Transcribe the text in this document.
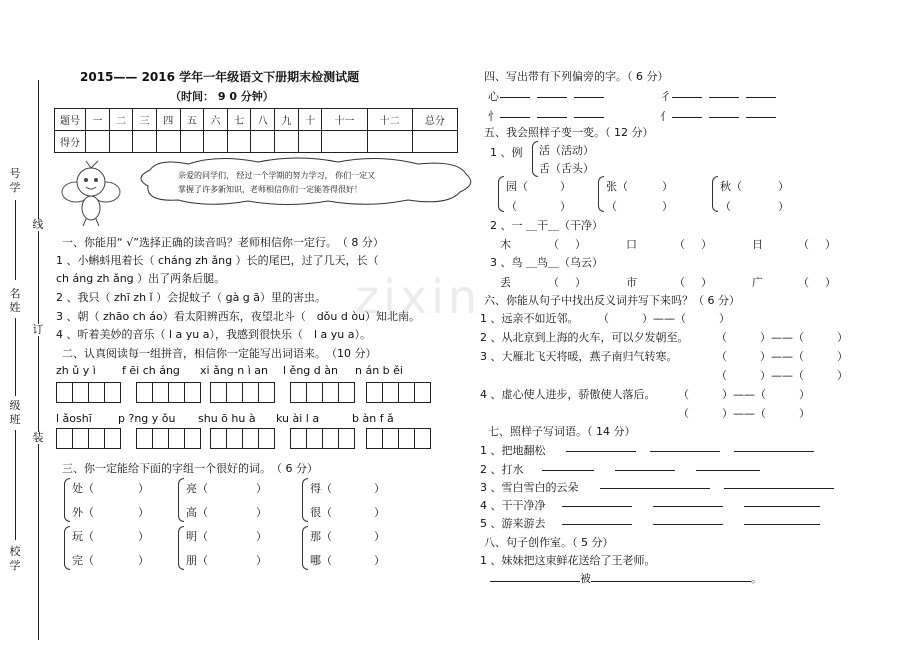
zixin
号
学
线
名
姓
订
级
班
装
校
学
2015—— 2016 学年一年级语文下册期末检测试题
（时间： 9 0 分钟）
题号	一	二	三	四	五	六	七	八	九	十	十一	十二	总分
得分													
亲爱的同学们， 经过一个学期的努力学习， 你们一定又
掌握了许多新知识，老师相信你们一定能答得很好！
一、你能用“ √”选择正确的读音吗？老师相信你一定行。　（ 8 分）
1 、小蝌蚪甩着长（ cháng zh ǎng ）长的尾巴，过了几天，长（
ch áng zh ǎng ）出了两条后腿。
2 、我只（ zhī zh ǐ ）会捉蚊子（ gà g ā）里的害虫。
3 、朝（ zhāo ch áo）看太阳辨西东，夜望北斗（　dǒu d òu）知北南。
4 、听着美妙的音乐（ l a yu a），我感到很快乐（　l a yu a）。
二、认真阅读每一组拼音，相信你一定能写出词语来。　（10 分）
zh ǔ y ì f ēi ch áng xi ǎng n ì an l ěng d àn n án b ěi
l ǎoshī p ?ng y ǒu shu ō hu à ku ài l a	b àn f ǎ
三、你一定能给下面的字组一个很好的词。　（ 6 分）
处（	）
外（	）
亮（	）
高（	）
得（	）
很（	）
玩（	）
完（	）
明（	）
朋（	）
那（	）
哪（	）
四、写出带有下列偏旁的字。（ 6 分）
心
	彳

忄
	亻

五、我会照样子变一变。（ 12 分）
1 、例 活（活动）
舌（舌头）
园（	）
（	）
张（	）
（	）
秋（	）
（	）
2 、一 ＿干＿（干净）
木	（ ）	口	（ ）	日	（ ）
3 、鸟 ＿鸟＿（乌云）
丢	（ ）	市	（ ）	广	（ ）
六、你能从句子中找出反义词并写下来吗？（ 6 分）
1 、远亲不如近邻。 （　　　）——（　　　）
2 、从北京到上海的火车，可以夕发朝至。	（　　　）——（　　　）
3 、大雁北飞天将暖，燕子南归气转寒。	（　　　）——（　　　）
（　　　）——（　　　）
4 、虚心使人进步，骄傲使人落后。 （　　　）——（　　　）
（　　　）——（　　　）
七、照样子写词语。（ 14 分）
1 、把地翻松

2 、打水

3 、雪白雪白的云朵

4 、干干净净

5 、游来游去

八、句子创作室。（ 5 分）
1 、妹妹把这束鲜花送给了王老师。
被	。
